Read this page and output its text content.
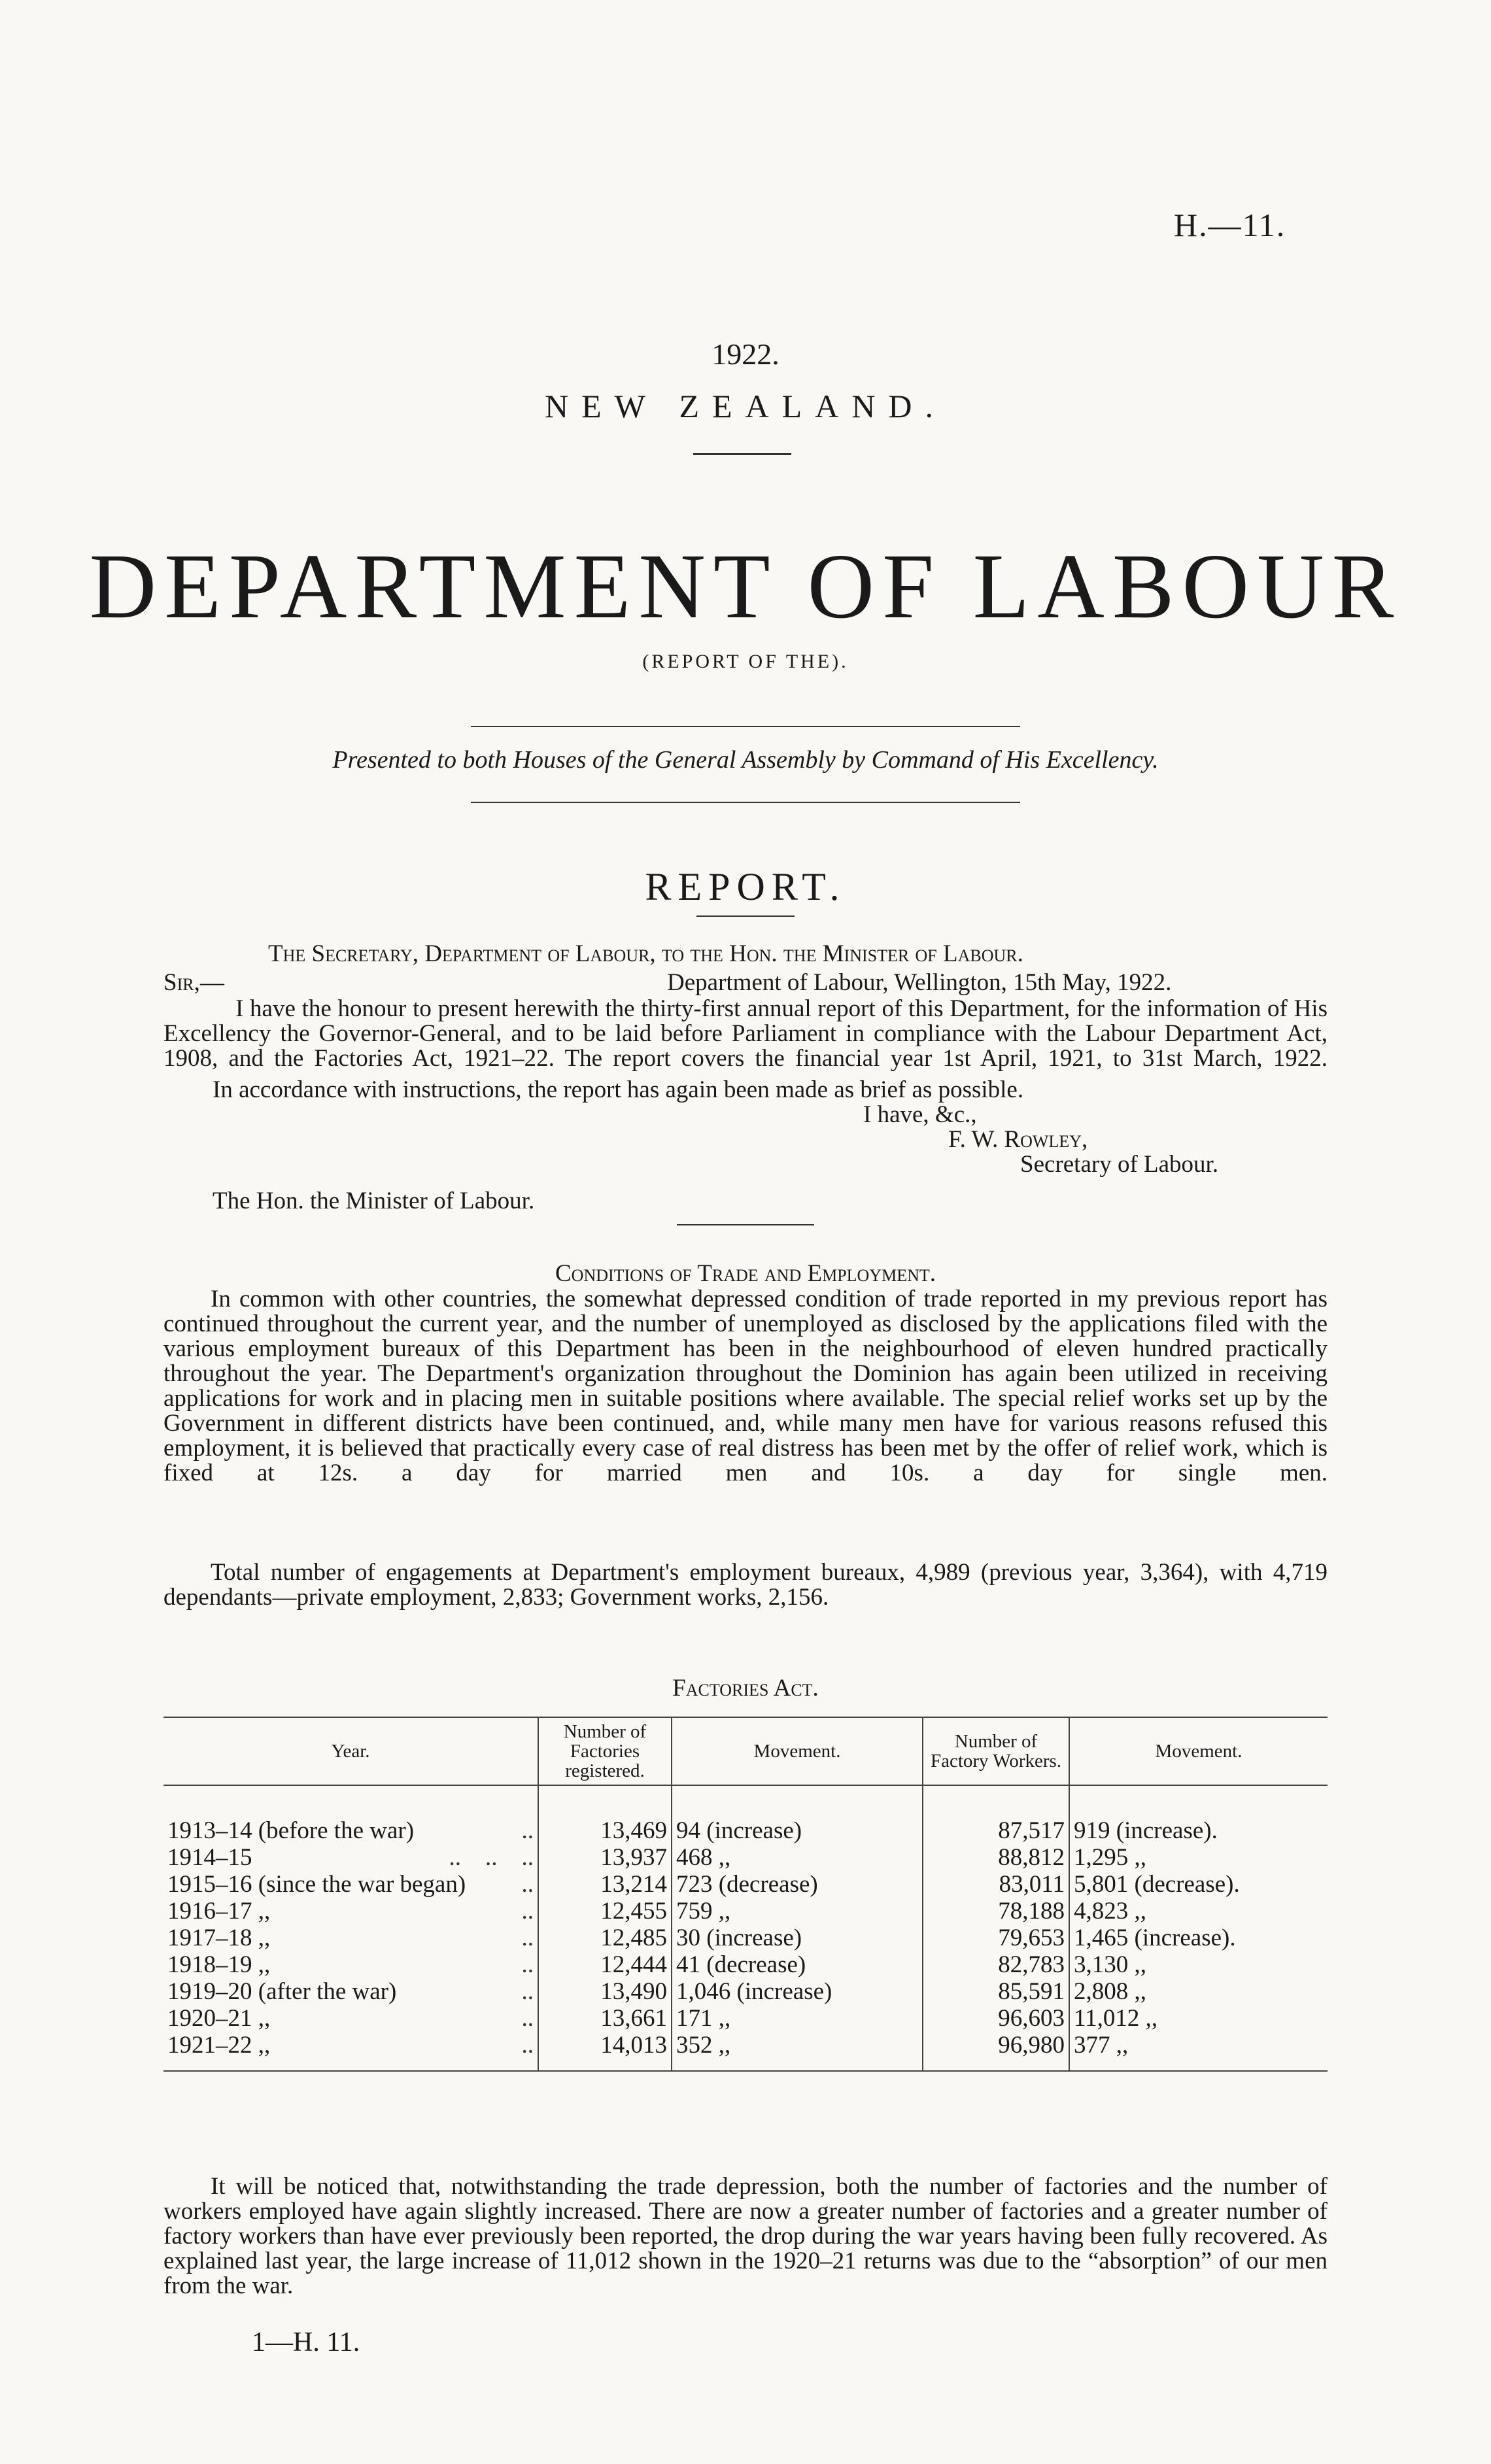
H.—11.
1922.
NEW ZEALAND.
DEPARTMENT OF LABOUR
(REPORT OF THE).
Presented to both Houses of the General Assembly by Command of His Excellency.
REPORT.
The Secretary, Department of Labour, to the Hon. the Minister of Labour.
Sir,—	Department of Labour, Wellington, 15th May, 1922.
I have the honour to present herewith the thirty-first annual report of this Department, for the information of His Excellency the Governor-General, and to be laid before Parliament in compliance with the Labour Department Act, 1908, and the Factories Act, 1921–22. The report covers the financial year 1st April, 1921, to 31st March, 1922.
In accordance with instructions, the report has again been made as brief as possible.
I have, &c.,
F. W. Rowley,
Secretary of Labour.
The Hon. the Minister of Labour.
Conditions of Trade and Employment.
In common with other countries, the somewhat depressed condition of trade reported in my previous report has continued throughout the current year, and the number of unemployed as disclosed by the applications filed with the various employment bureaux of this Department has been in the neighbourhood of eleven hundred practically throughout the year. The Department's organization throughout the Dominion has again been utilized in receiving applications for work and in placing men in suitable positions where available. The special relief works set up by the Government in different districts have been continued, and, while many men have for various reasons refused this employment, it is believed that practically every case of real distress has been met by the offer of relief work, which is fixed at 12s. a day for married men and 10s. a day for single men.
Total number of engagements at Department's employment bureaux, 4,989 (previous year, 3,364), with 4,719 dependants—private employment, 2,833; Government works, 2,156.
Factories Act.
Year.	Number of Factories registered.	Movement.	Number of Factory Workers.	Movement.

1913–14 (before the war) ..	13,469	94 (increase)	87,517	919 (increase).

1914–15 ..    ..    ..	13,937	468 ,,	88,812	1,295 ,,

1915–16 (since the war began) ..	13,214	723 (decrease)	83,011	5,801 (decrease).

1916–17 ,, ..	12,455	759 ,,	78,188	4,823 ,,

1917–18 ,, ..	12,485	30 (increase)	79,653	1,465 (increase).

1918–19 ,, ..	12,444	41 (decrease)	82,783	3,130 ,,

1919–20 (after the war) ..	13,490	1,046 (increase)	85,591	2,808 ,,

1920–21 ,, ..	13,661	171 ,,	96,603	11,012 ,,

1921–22 ,, ..	14,013	352 ,,	96,980	377 ,,
It will be noticed that, notwithstanding the trade depression, both the number of factories and the number of workers employed have again slightly increased. There are now a greater number of factories and a greater number of factory workers than have ever previously been reported, the drop during the war years having been fully recovered. As explained last year, the large increase of 11,012 shown in the 1920–21 returns was due to the “absorption” of our men from the war.
1—H. 11.
